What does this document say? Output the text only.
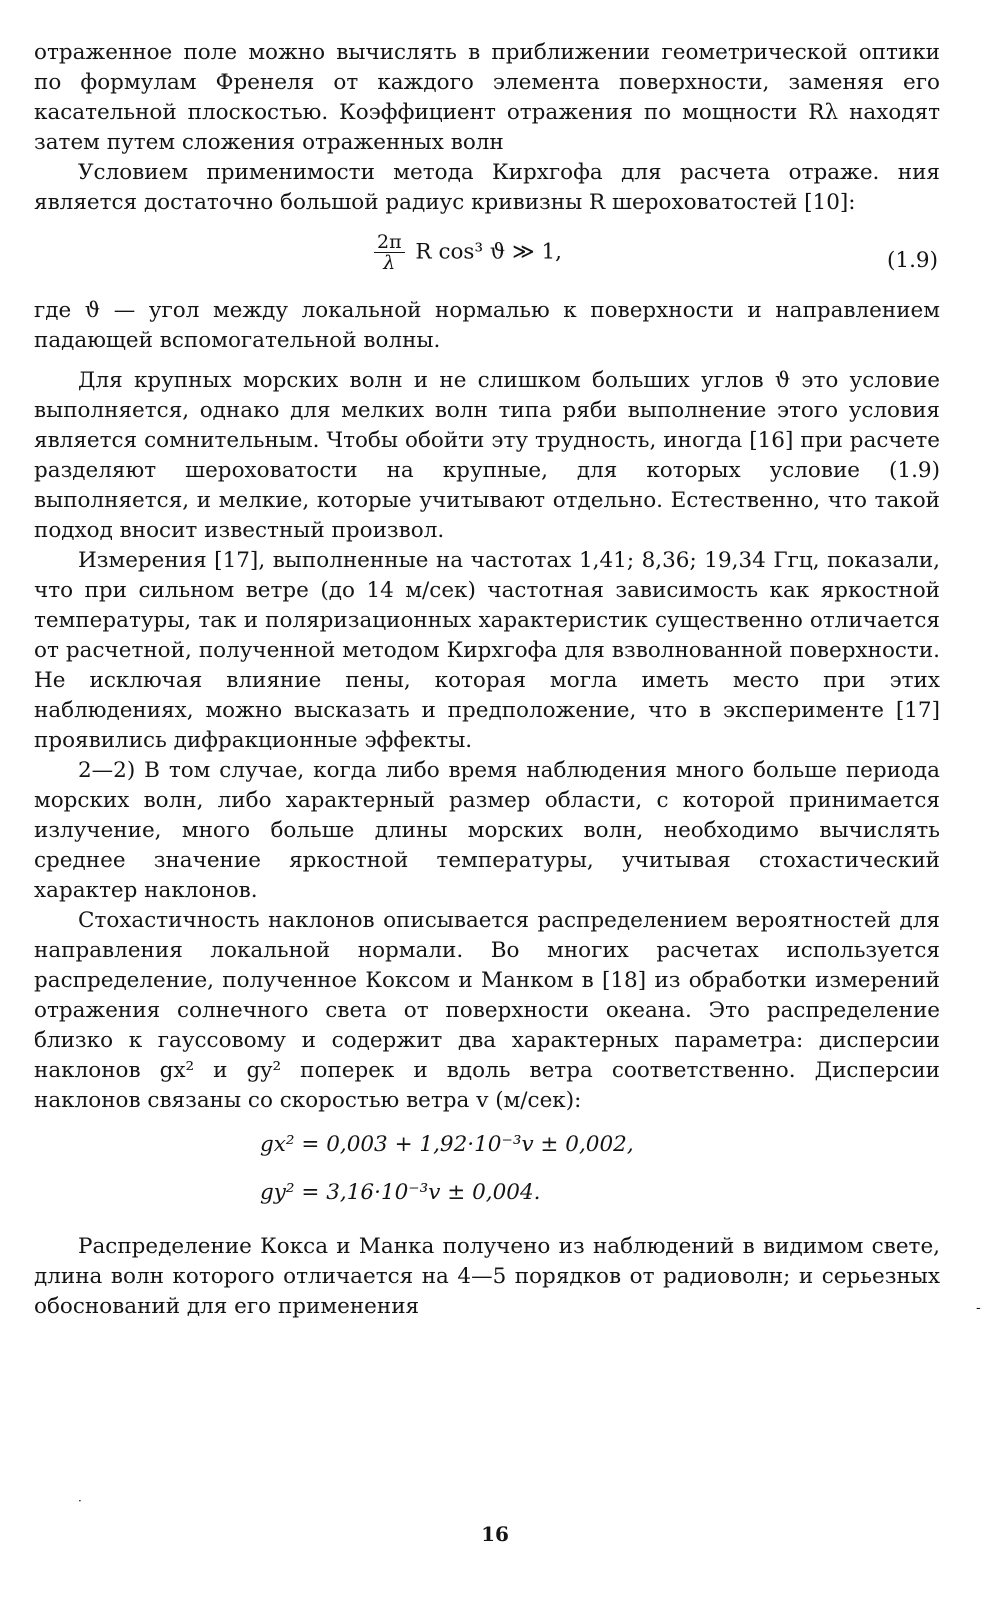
отраженное поле можно вычислять в приближении геометрической оптики по формулам Френеля от каждого элемента поверхности, заменяя его касательной плоскостью. Коэффициент отражения по мощности Rλ находят затем путем сложения отраженных волн

Условием применимости метода Кирхгофа для расчета отраже. ния является достаточно большой радиус кривизны R шероховатостей [10]:

$\frac{2\pi}{\lambda}$ R cos³ ϑ ≫ 1,	(1.9)

где ϑ — угол между локальной нормалью к поверхности и направлением падающей вспомогательной волны.

Для крупных морских волн и не слишком больших углов ϑ это условие выполняется, однако для мелких волн типа ряби выполнение этого условия является сомнительным. Чтобы обойти эту трудность, иногда [16] при расчете разделяют шероховатости на крупные, для которых условие (1.9) выполняется, и мелкие, которые учитывают отдельно. Естественно, что такой подход вносит известный произвол.

Измерения [17], выполненные на частотах 1,41; 8,36; 19,34 Ггц, показали, что при сильном ветре (до 14 м/сек) частотная зависимость как яркостной температуры, так и поляризационных характеристик существенно отличается от расчетной, полученной методом Кирхгофа для взволнованной поверхности. Не исключая влияние пены, которая могла иметь место при этих наблюдениях, можно высказать и предположение, что в эксперименте [17] проявились дифракционные эффекты.

2—2) В том случае, когда либо время наблюдения много больше периода морских волн, либо характерный размер области, с которой принимается излучение, много больше длины морских волн, необходимо вычислять среднее значение яркостной температуры, учитывая стохастический характер наклонов.

Стохастичность наклонов описывается распределением вероятностей для направления локальной нормали. Во многих расчетах используется распределение, полученное Коксом и Манком в [18] из обработки измерений отражения солнечного света от поверхности океана. Это распределение близко к гауссовому и содержит два характерных параметра: дисперсии наклонов gx² и gy² поперек и вдоль ветра соответственно. Дисперсии наклонов связаны со скоростью ветра v (м/сек):

gx² = 0,003 + 1,92·10⁻³v ± 0,002,
gy² = 3,16·10⁻³v ± 0,004.

Распределение Кокса и Манка получено из наблюдений в видимом свете, длина волн которого отличается на 4—5 порядков от радиоволн; и серьезных обоснований для его применения	-
·
16
